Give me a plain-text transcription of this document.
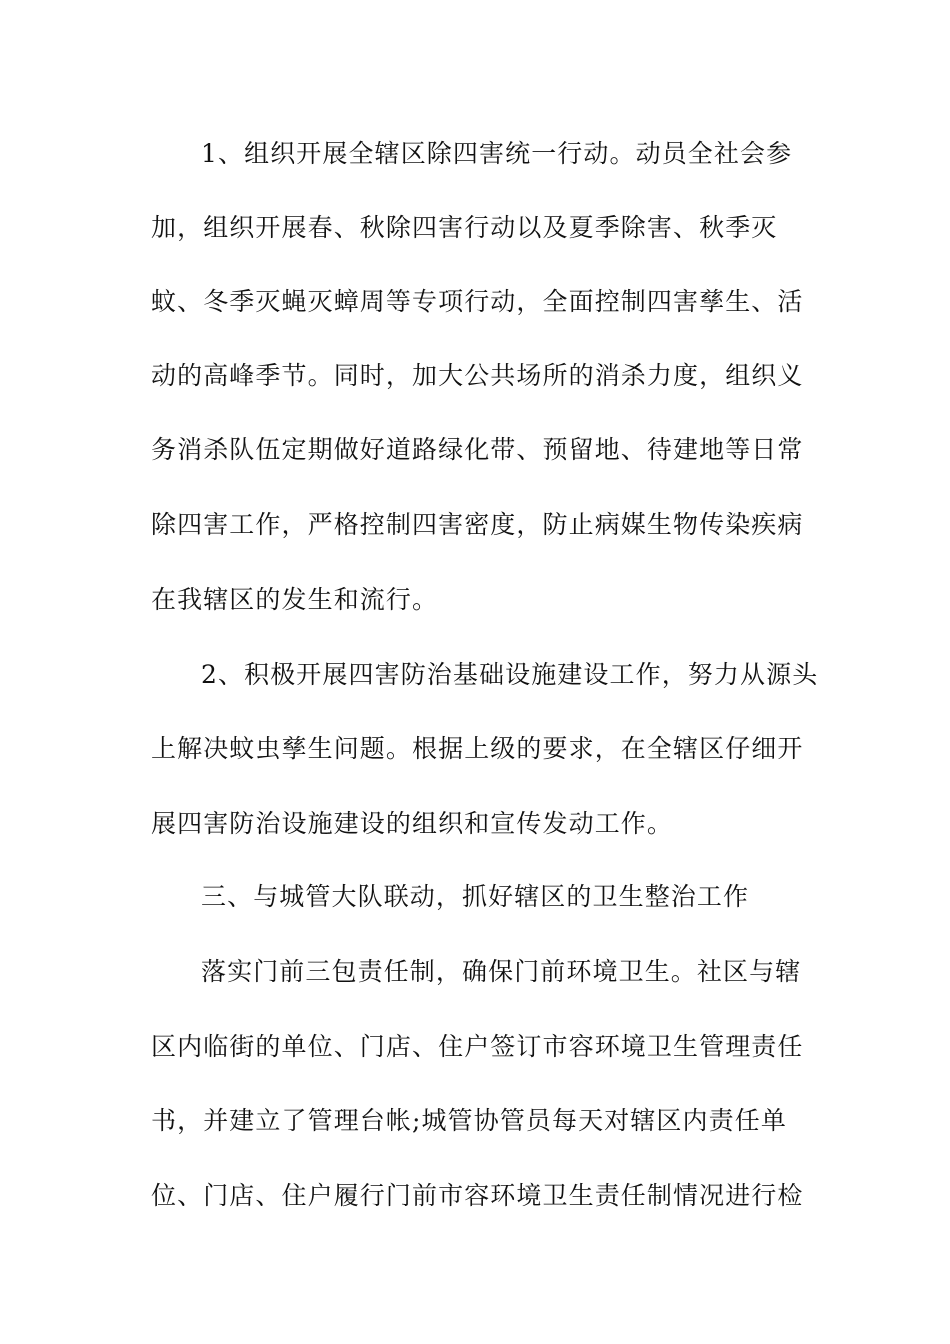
1、组织开展全辖区除四害统一行动。动员全社会参
加，组织开展春、秋除四害行动以及夏季除害、秋季灭
蚊、冬季灭蝇灭蟑周等专项行动，全面控制四害孳生、活
动的高峰季节。同时，加大公共场所的消杀力度，组织义
务消杀队伍定期做好道路绿化带、预留地、待建地等日常
除四害工作，严格控制四害密度，防止病媒生物传染疾病
在我辖区的发生和流行。
2、积极开展四害防治基础设施建设工作，努力从源头
上解决蚊虫孳生问题。根据上级的要求，在全辖区仔细开
展四害防治设施建设的组织和宣传发动工作。
三、与城管大队联动，抓好辖区的卫生整治工作
落实门前三包责任制，确保门前环境卫生。社区与辖
区内临街的单位、门店、住户签订市容环境卫生管理责任
书，并建立了管理台帐;城管协管员每天对辖区内责任单
位、门店、住户履行门前市容环境卫生责任制情况进行检
